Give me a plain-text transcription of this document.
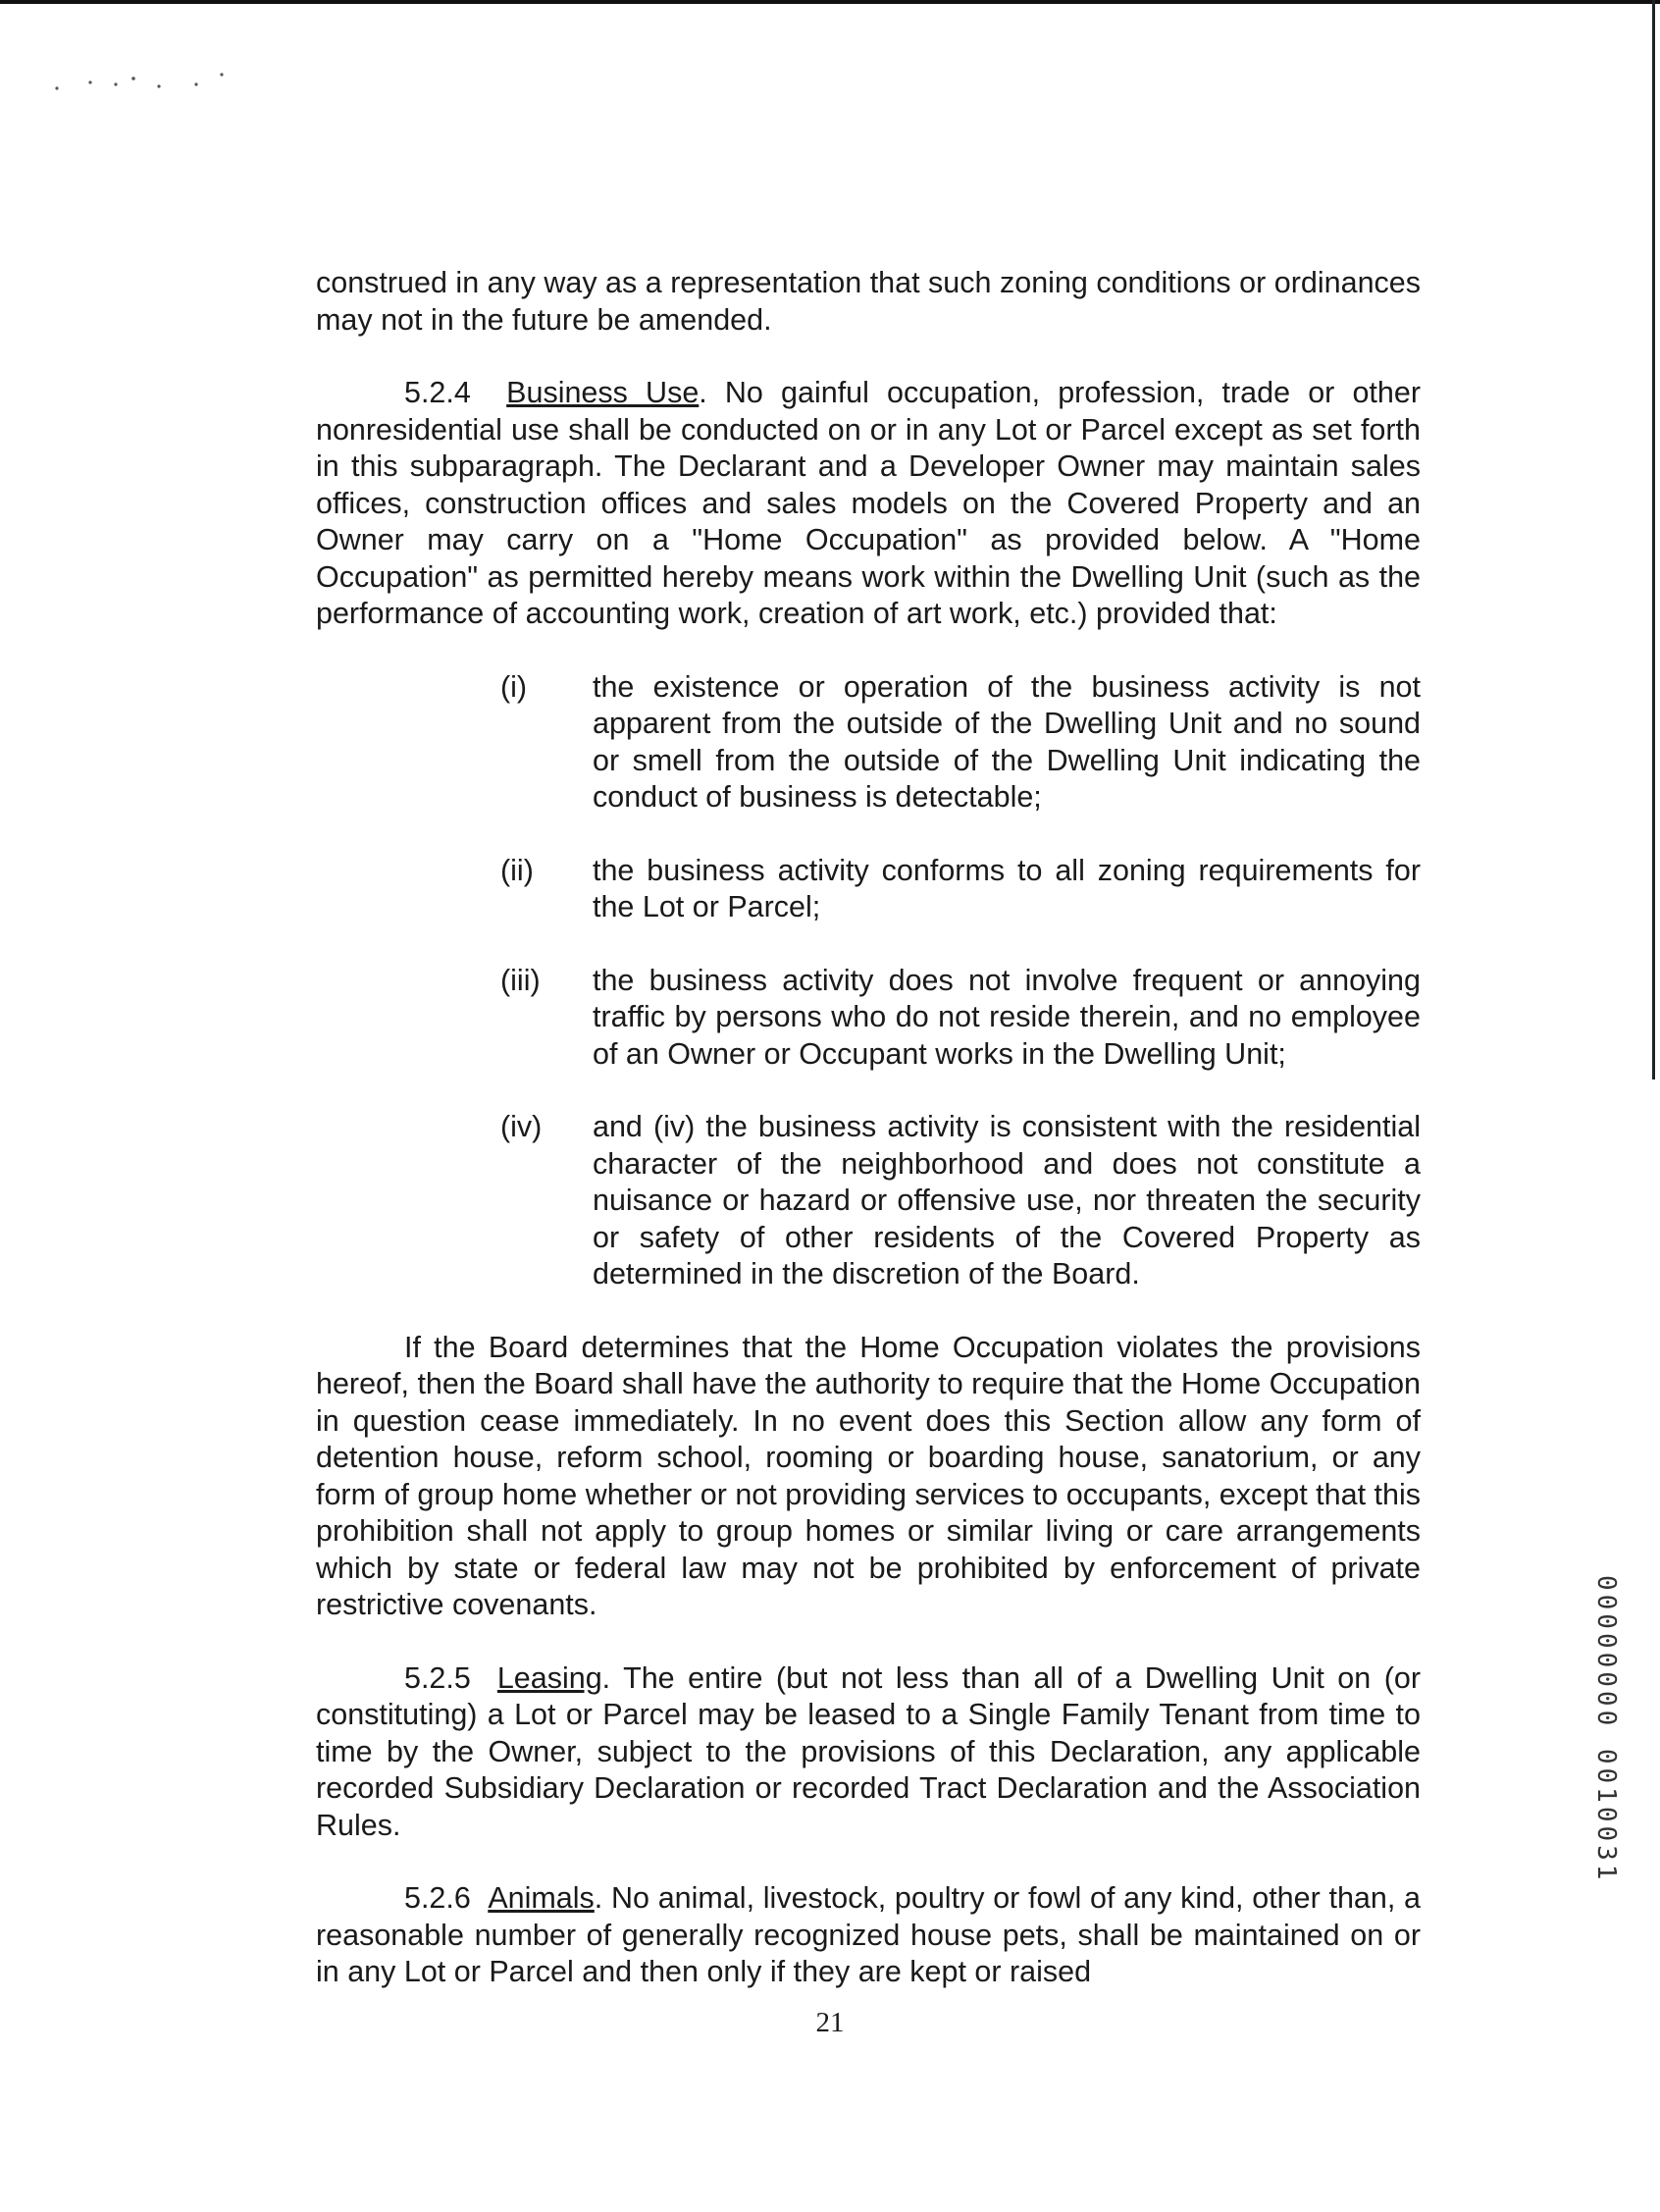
construed in any way as a representation that such zoning conditions or ordinances may not in the future be amended.

5.2.4 Business Use. No gainful occupation, profession, trade or other nonresidential use shall be conducted on or in any Lot or Parcel except as set forth in this subparagraph. The Declarant and a Developer Owner may maintain sales offices, construction offices and sales models on the Covered Property and an Owner may carry on a "Home Occupation" as provided below. A "Home Occupation" as permitted hereby means work within the Dwelling Unit (such as the performance of accounting work, creation of art work, etc.) provided that:

(i)	the existence or operation of the business activity is not apparent from the outside of the Dwelling Unit and no sound or smell from the outside of the Dwelling Unit indicating the conduct of business is detectable;
(ii)	the business activity conforms to all zoning requirements for the Lot or Parcel;
(iii)	the business activity does not involve frequent or annoying traffic by persons who do not reside therein, and no employee of an Owner or Occupant works in the Dwelling Unit;
(iv)	and (iv) the business activity is consistent with the residential character of the neighborhood and does not constitute a nuisance or hazard or offensive use, nor threaten the security or safety of other residents of the Covered Property as determined in the discretion of the Board.

If the Board determines that the Home Occupation violates the provisions hereof, then the Board shall have the authority to require that the Home Occupation in question cease immediately. In no event does this Section allow any form of detention house, reform school, rooming or boarding house, sanatorium, or any form of group home whether or not providing services to occupants, except that this prohibition shall not apply to group homes or similar living or care arrangements which by state or federal law may not be prohibited by enforcement of private restrictive covenants.

5.2.5 Leasing. The entire (but not less than all of a Dwelling Unit on (or constituting) a Lot or Parcel may be leased to a Single Family Tenant from time to time by the Owner, subject to the provisions of this Declaration, any applicable recorded Subsidiary Declaration or recorded Tract Declaration and the Association Rules.

5.2.6 Animals. No animal, livestock, poultry or fowl of any kind, other than, a reasonable number of generally recognized house pets, shall be maintained on or in any Lot or Parcel and then only if they are kept or raised

21
00000000 0010031
